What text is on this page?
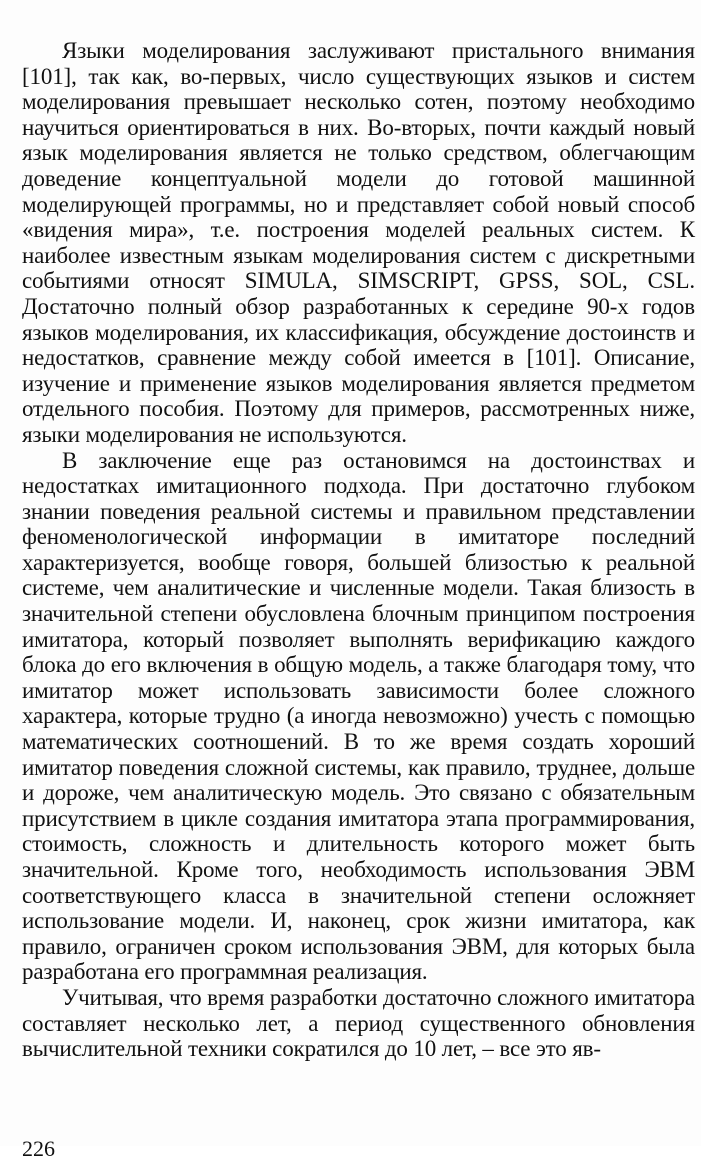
Языки моделирования заслуживают пристального внимания [101], так как, во-первых, число существующих языков и систем моделирования превышает несколько сотен, поэтому необходимо научиться ориентироваться в них. Во-вторых, почти каждый новый язык моделирования является не только средством, облегчающим доведение концептуальной модели до готовой машинной моделирующей программы, но и представляет собой новый способ «видения мира», т.е. построения моделей реальных систем. К наиболее известным языкам моделирования систем с дискретными событиями относят SIMULA, SIMSCRIPT, GPSS, SOL, CSL. Достаточно полный обзор разработанных к середине 90-х годов языков моделирования, их классификация, обсуждение достоинств и недостатков, сравнение между собой имеется в [101]. Описание, изучение и применение языков моделирования является предметом отдельного пособия. Поэтому для примеров, рассмотренных ниже, языки моделирования не используются.

В заключение еще раз остановимся на достоинствах и недостатках имитационного подхода. При достаточно глубоком знании поведения реальной системы и правильном представлении феноменологической информации в имитаторе последний характеризуется, вообще говоря, большей близостью к реальной системе, чем аналитические и численные модели. Такая близость в значительной степени обусловлена блочным принципом построения имитатора, который позволяет выполнять верификацию каждого блока до его включения в общую модель, а также благодаря тому, что имитатор может использовать зависимости более сложного характера, которые трудно (а иногда невозможно) учесть с помощью математических соотношений. В то же время создать хороший имитатор поведения сложной системы, как правило, труднее, дольше и дороже, чем аналитическую модель. Это связано с обязательным присутствием в цикле создания имитатора этапа программирования, стоимость, сложность и длительность которого может быть значительной. Кроме того, необходимость использования ЭВМ соответствующего класса в значительной степени осложняет использование модели. И, наконец, срок жизни имитатора, как правило, ограничен сроком использования ЭВМ, для которых была разработана его программная реализация.

Учитывая, что время разработки достаточно сложного имитатора составляет несколько лет, а период существенного обновления вычислительной техники сократился до 10 лет, – все это яв-

226
